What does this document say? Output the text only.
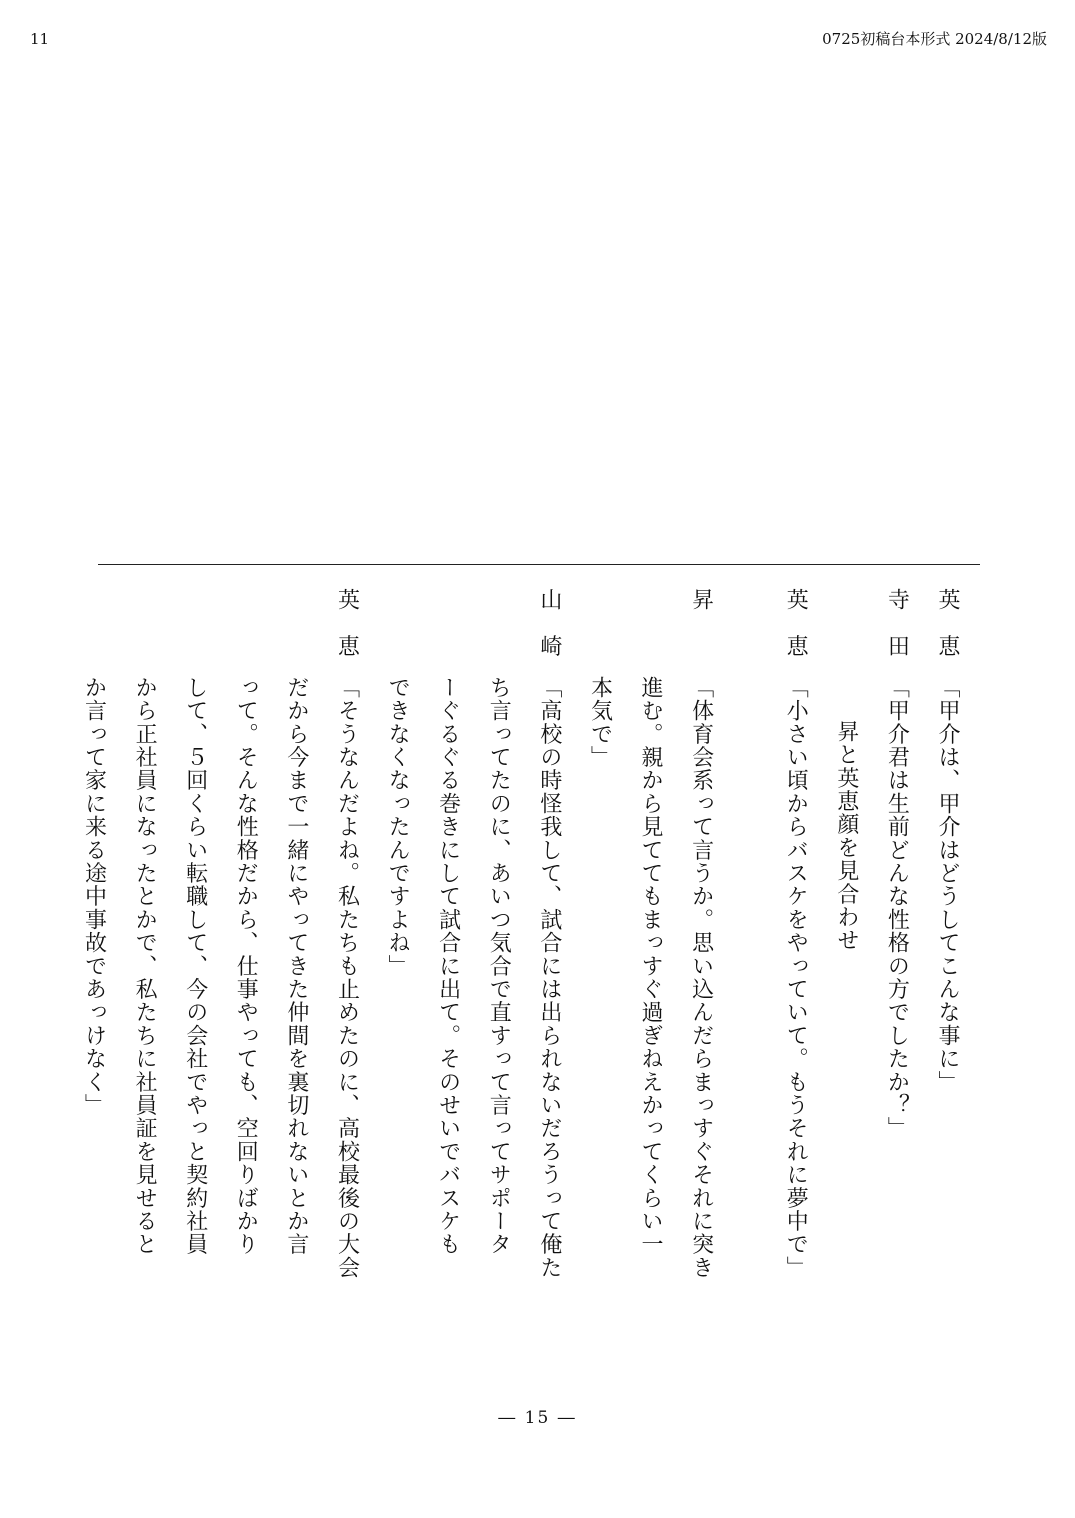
11	0725初稿台本形式 2024/8/12版
英　恵「甲介は、甲介はどうしてこんな事に」
寺　田「甲介君は生前どんな性格の方でしたか？」
昇と英恵顔を見合わせ
英　恵「小さい頃からバスケをやっていて。もうそれに夢中で」
昇「体育会系って言うか。思い込んだらまっすぐそれに突き
進む。親から見ててもまっすぐ過ぎねえかってくらい一
本気で」
山　崎「高校の時怪我して、試合には出られないだろうって俺た
ち言ってたのに、あいつ気合で直すって言ってサポータ
ーぐるぐる巻きにして試合に出て。そのせいでバスケも
できなくなったんですよね」
英　恵「そうなんだよね。私たちも止めたのに、高校最後の大会
だから今まで一緒にやってきた仲間を裏切れないとか言
って。そんな性格だから、仕事やっても、空回りばかり
して、５回くらい転職して、今の会社でやっと契約社員
から正社員になったとかで、私たちに社員証を見せると
か言って家に来る途中事故であっけなく」
― 15 ―
